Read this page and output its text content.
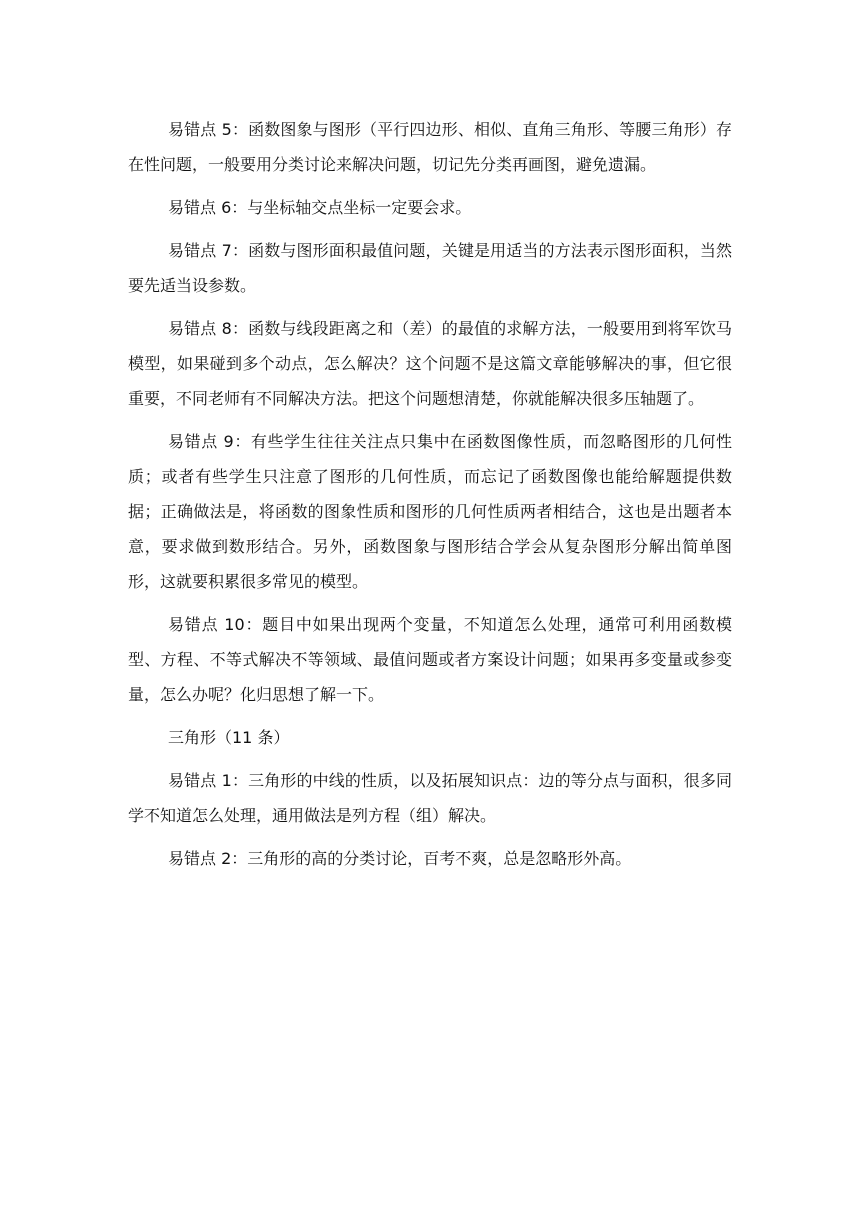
易错点 5：函数图象与图形（平行四边形、相似、直角三角形、等腰三角形）存在性问题，一般要用分类讨论来解决问题，切记先分类再画图，避免遗漏。

易错点 6：与坐标轴交点坐标一定要会求。

易错点 7：函数与图形面积最值问题，关键是用适当的方法表示图形面积，当然要先适当设参数。

易错点 8：函数与线段距离之和（差）的最值的求解方法，一般要用到将军饮马模型，如果碰到多个动点，怎么解决？这个问题不是这篇文章能够解决的事，但它很重要，不同老师有不同解决方法。把这个问题想清楚，你就能解决很多压轴题了。

易错点 9：有些学生往往关注点只集中在函数图像性质，而忽略图形的几何性质；或者有些学生只注意了图形的几何性质，而忘记了函数图像也能给解题提供数据；正确做法是，将函数的图象性质和图形的几何性质两者相结合，这也是出题者本意，要求做到数形结合。另外，函数图象与图形结合学会从复杂图形分解出简单图形，这就要积累很多常见的模型。

易错点 10：题目中如果出现两个变量，不知道怎么处理，通常可利用函数模型、方程、不等式解决不等领域、最值问题或者方案设计问题；如果再多变量或参变量，怎么办呢？化归思想了解一下。

三角形（11 条）

易错点 1：三角形的中线的性质，以及拓展知识点：边的等分点与面积，很多同学不知道怎么处理，通用做法是列方程（组）解决。

易错点 2：三角形的高的分类讨论，百考不爽，总是忽略形外高。
